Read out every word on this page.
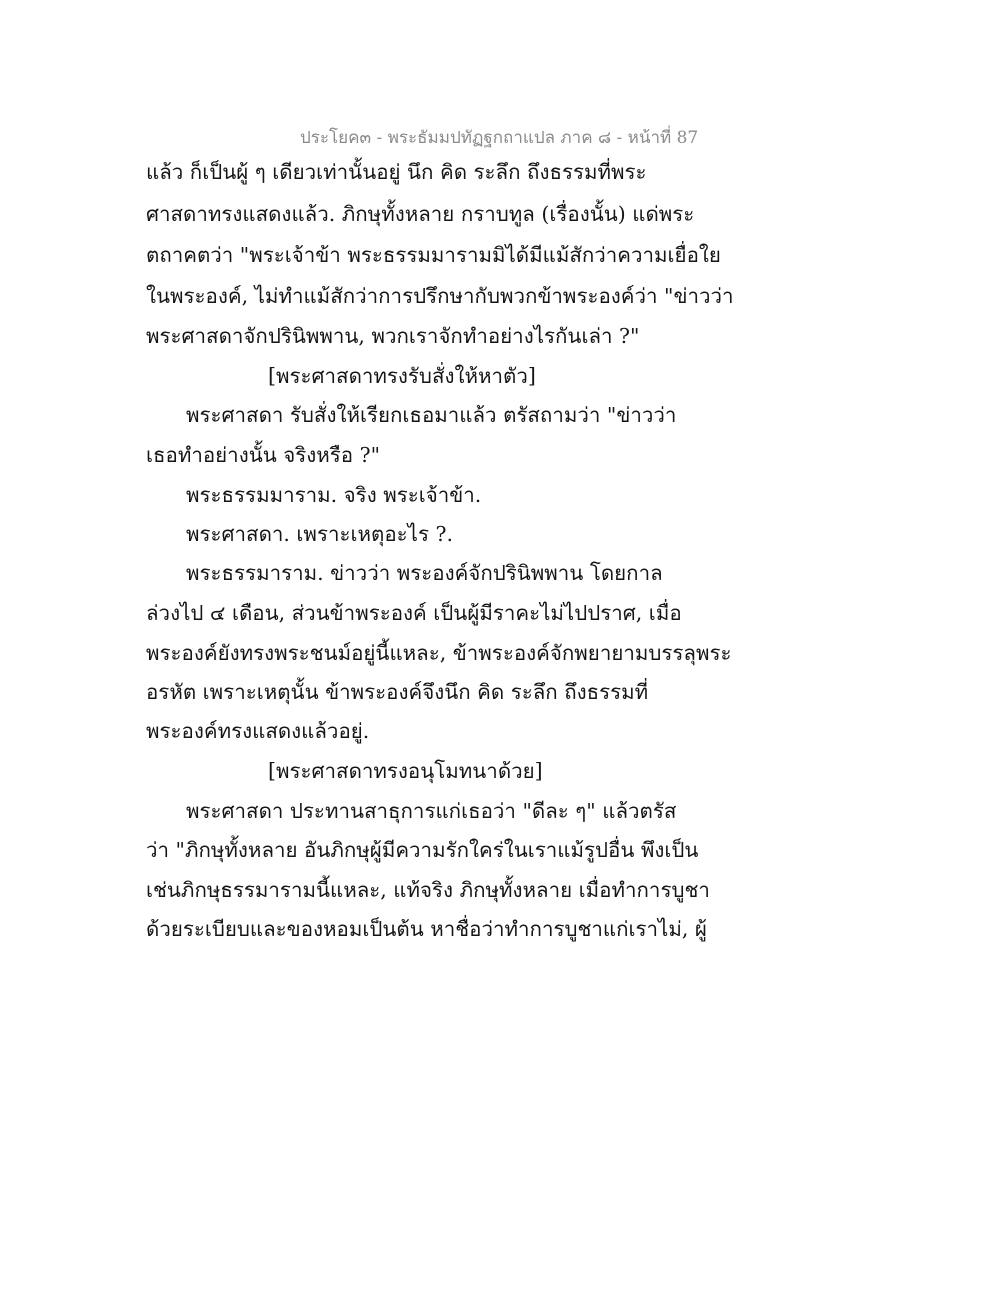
ประโยค๓ - พระธัมมปทัฏฐกถาแปล ภาค ๘ - หน้าที่ 87
แล้ว ก็เป็นผู้ ๆ เดียวเท่านั้นอยู่ นึก คิด ระลึก ถึงธรรมที่พระ
ศาสดาทรงแสดงแล้ว. ภิกษุทั้งหลาย กราบทูล (เรื่องนั้น) แด่พระ
ตถาคตว่า "พระเจ้าข้า พระธรรมมารามมิได้มีแม้สักว่าความเยื่อใย
ในพระองค์, ไม่ทำแม้สักว่าการปรึกษากับพวกข้าพระองค์ว่า "ข่าวว่า
พระศาสดาจักปรินิพพาน, พวกเราจักทำอย่างไรกันเล่า ?"
[พระศาสดาทรงรับสั่งให้หาตัว]
พระศาสดา รับสั่งให้เรียกเธอมาแล้ว ตรัสถามว่า "ข่าวว่า
เธอทำอย่างนั้น จริงหรือ ?"
พระธรรมมาราม. จริง พระเจ้าข้า.
พระศาสดา. เพราะเหตุอะไร ?.
พระธรรมาราม. ข่าวว่า พระองค์จักปรินิพพาน โดยกาล
ล่วงไป ๔ เดือน, ส่วนข้าพระองค์ เป็นผู้มีราคะไม่ไปปราศ, เมื่อ
พระองค์ยังทรงพระชนม์อยู่นี้แหละ, ข้าพระองค์จักพยายามบรรลุพระ
อรหัต เพราะเหตุนั้น ข้าพระองค์จึงนึก คิด ระลึก ถึงธรรมที่
พระองค์ทรงแสดงแล้วอยู่.
[พระศาสดาทรงอนุโมทนาด้วย]
พระศาสดา ประทานสาธุการแก่เธอว่า "ดีละ ๆ" แล้วตรัส
ว่า "ภิกษุทั้งหลาย อันภิกษุผู้มีความรักใคร่ในเราแม้รูปอื่น พึงเป็น
เช่นภิกษุธรรมารามนี้แหละ, แท้จริง ภิกษุทั้งหลาย เมื่อทำการบูชา
ด้วยระเบียบและของหอมเป็นต้น หาชื่อว่าทำการบูชาแก่เราไม่, ผู้
